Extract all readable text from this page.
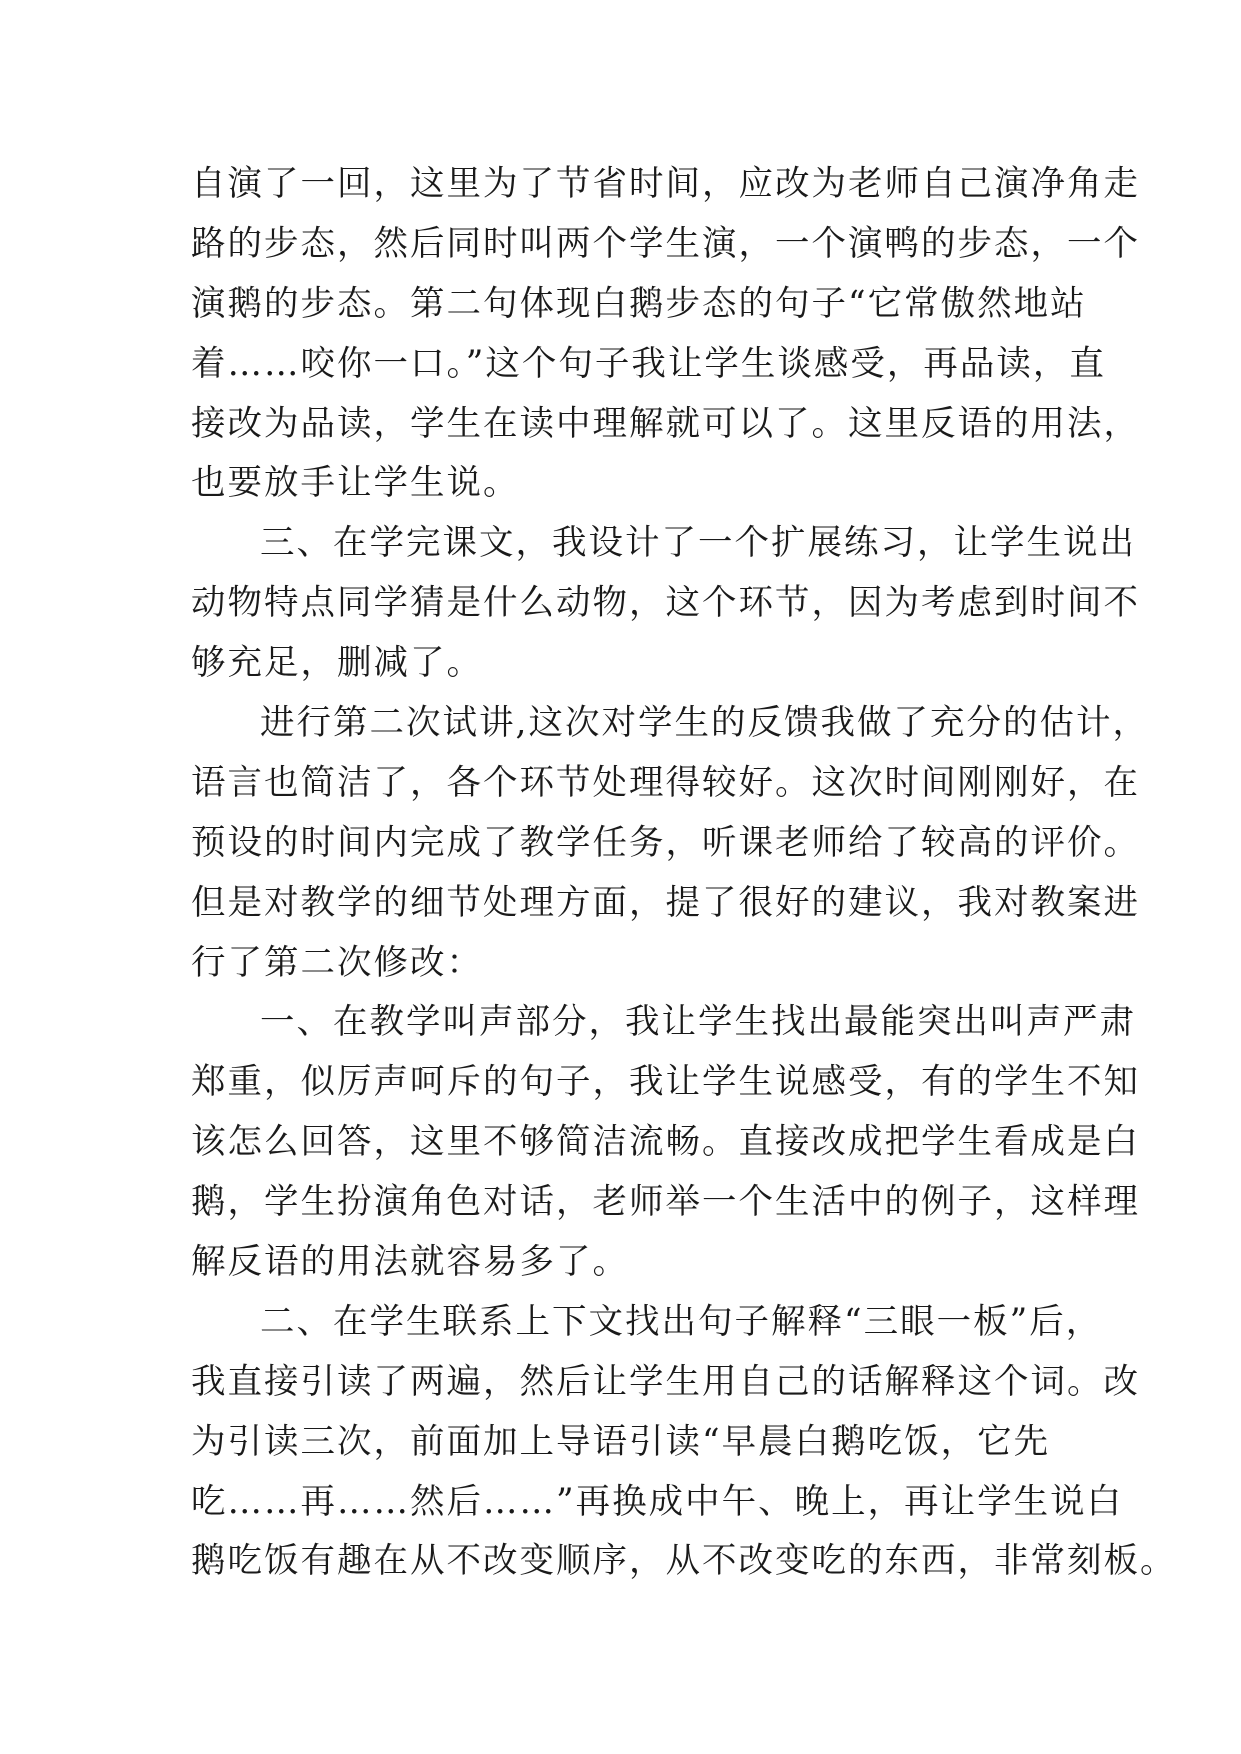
自演了一回，这里为了节省时间，应改为老师自己演净角走
路的步态，然后同时叫两个学生演，一个演鸭的步态，一个
演鹅的步态。第二句体现白鹅步态的句子“它常傲然地站
着……咬你一口。”这个句子我让学生谈感受，再品读，直
接改为品读，学生在读中理解就可以了。这里反语的用法，
也要放手让学生说。
三、在学完课文，我设计了一个扩展练习，让学生说出
动物特点同学猜是什么动物，这个环节，因为考虑到时间不
够充足，删减了。
进行第二次试讲,这次对学生的反馈我做了充分的估计，
语言也简洁了，各个环节处理得较好。这次时间刚刚好，在
预设的时间内完成了教学任务，听课老师给了较高的评价。
但是对教学的细节处理方面，提了很好的建议，我对教案进
行了第二次修改：
一、在教学叫声部分，我让学生找出最能突出叫声严肃
郑重，似厉声呵斥的句子，我让学生说感受，有的学生不知
该怎么回答，这里不够简洁流畅。直接改成把学生看成是白
鹅，学生扮演角色对话，老师举一个生活中的例子，这样理
解反语的用法就容易多了。
二、在学生联系上下文找出句子解释“三眼一板”后，
我直接引读了两遍，然后让学生用自己的话解释这个词。改
为引读三次，前面加上导语引读“早晨白鹅吃饭，它先
吃……再……然后……”再换成中午、晚上，再让学生说白
鹅吃饭有趣在从不改变顺序，从不改变吃的东西，非常刻板。
